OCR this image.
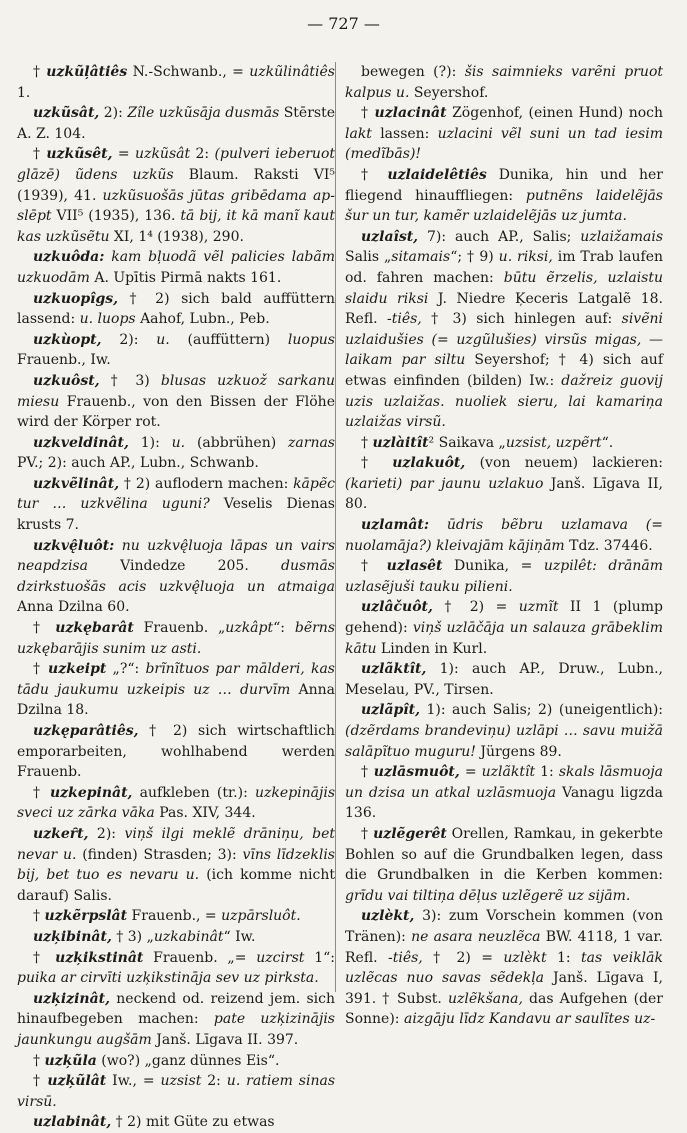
— 727 —

† uzkũļâtiês N.-Schwanb., = uzkũlinâtiês 1.

uzkũsât, 2): Zîle uzkũsāja dusmās Stērste A. Z. 104.

† uzkũsêt, = uzkũsât 2: (pulveri ieberuot glāzē) ũdens uzkũs Blaum. Raksti VI⁵ (1939), 41. uzkũsuošās jūtas gribēdama apslēpt VII⁵ (1935), 136. tā bij, it kā manĩ kaut kas uzkũsẽtu XI, 1⁴ (1938), 290.

uzkuôda: kam bļuodã vẽl palicies labãm uzkuodām A. Upītis Pirmā nakts 161.

uzkuopîgs, † 2) sich bald auffüttern lassend: u. luops Aahof, Lubn., Peb.

uzkùopt, 2): u. (auffüttern) luopus Frauenb., Iw.

uzkuôst, † 3) blusas uzkuož sarkanu miesu Frauenb., von den Bissen der Flöhe wird der Körper rot.

uzkveldinât, 1): u. (abbrühen) zarnas PV.; 2): auch AP., Lubn., Schwanb.

uzkvẽlinât, † 2) auflodern machen: kāpẽc tur … uzkvẽlina uguni? Veselis Dienas krusts 7.

uzkvę̂luôt: nu uzkvę̂luoja lāpas un vairs neapdzisa Vindedze 205. dusmās dzirkstuošās acis uzkvę̂luoja un atmaiga Anna Dzilna 60.

† uzkębarât Frauenb. „uzkâpt“: bẽrns uzkębarājis sunim uz asti.

† uzkeipt „?“: brĩnĩtuos par mālderi, kas tādu jaukumu uzkeipis uz … durvīm Anna Dzilna 18.

uzkęparâtiês, † 2) sich wirtschaftlich emporarbeiten, wohlhabend werden Frauenb.

† uzkepinât, aufkleben (tr.): uzkepinājis sveci uz zārka vāka Pas. XIV, 344.

uzkeȓt, 2): viņš ilgi meklẽ drāniņu, bet nevar u. (finden) Strasden; 3): vīns līdzeklis bij, bet tuo es nevaru u. (ich komme nicht darauf) Salis.

† uzkẽrpslât Frauenb., = uzpārsluôt.

uzķibinât, † 3) „uzkabinât“ Iw.

† uzķikstinât Frauenb. „= uzcirst 1“: puika ar cirvīti uzķikstināja sev uz pirksta.

uzķizinât, neckend od. reizend jem. sich hinaufbegeben machen: pate uzķizinājis jaunkungu augšām Janš. Līgava II. 397.

† uzķũla (wo?) „ganz dünnes Eis“.

† uzķũlât Iw., = uzsist 2: u. ratiem sinas virsū.

uzlabinât, † 2) mit Güte zu etwas

bewegen (?): šis saimnieks varẽni pruot kalpus u. Seyershof.

† uzlacinât Zögenhof, (einen Hund) noch lakt lassen: uzlacini vẽl suni un tad iesim (medĩbās)!

† uzlaidelêtiês Dunika, hin und her fliegend hinauffliegen: putnẽns laidelẽjās šur un tur, kamẽr uzlaidelẽjās uz jumta.

uzlaîst, 7): auch AP., Salis; uzlaižamais Salis „sitamais“; † 9) u. riksi, im Trab laufen od. fahren machen: būtu ẽrzelis, uzlaistu slaidu riksi J. Niedre Ķeceris Latgalẽ 18. Refl. -tiês, † 3) sich hinlegen auf: sivẽni uzlaidušies (= uzgũlušies) virsũs migas, — laikam par siltu Seyershof; † 4) sich auf etwas einfinden (bilden) Iw.: dažreiz guovij uzis uzlaižas. nuoliek sieru, lai kamariņa uzlaižas virsũ.

† uzlàitît² Saikava „uzsist, uzpẽrt“.

† uzlakuôt, (von neuem) lackieren: (karieti) par jaunu uzlakuo Janš. Līgava II, 80.

uzlamât: ūdris bẽbru uzlamava (= nuolamāja?) kleivajām kājiņām Tdz. 37446.

† uzlasêt Dunika, = uzpilêt: drānām uzlasẽjuši tauku pilieni.

uzlâčuôt, † 2) = uzmĩt II 1 (plump gehend): viņš uzlāčāja un salauza grābeklim kātu Linden in Kurl.

uzlãktît, 1): auch AP., Druw., Lubn., Meselau, PV., Tirsen.

uzlãpît, 1): auch Salis; 2) (uneigentlich): (dzẽrdams brandeviņu) uzlāpi … savu muižā salāpĩtuo muguru! Jürgens 89.

† uzlāsmuôt, = uzlãktît 1: skals lāsmuoja un dzisa un atkal uzlāsmuoja Vanagu ligzda 136.

† uzlẽgerêt Orellen, Ramkau, in gekerbte Bohlen so auf die Grundbalken legen, dass die Grundbalken in die Kerben kommen: grīdu vai tiltiņa dēļus uzlẽgerẽ uz sijām.

uzlèkt, 3): zum Vorschein kommen (von Tränen): ne asara neuzlẽca BW. 4118, 1 var. Refl. -tiês, † 2) = uzlèkt 1: tas veiklāk uzlẽcas nuo savas sẽdekļa Janš. Līgava I, 391. † Subst. uzlẽkšana, das Aufgehen (der Sonne): aizgāju līdz Kandavu ar saulītes uz-
